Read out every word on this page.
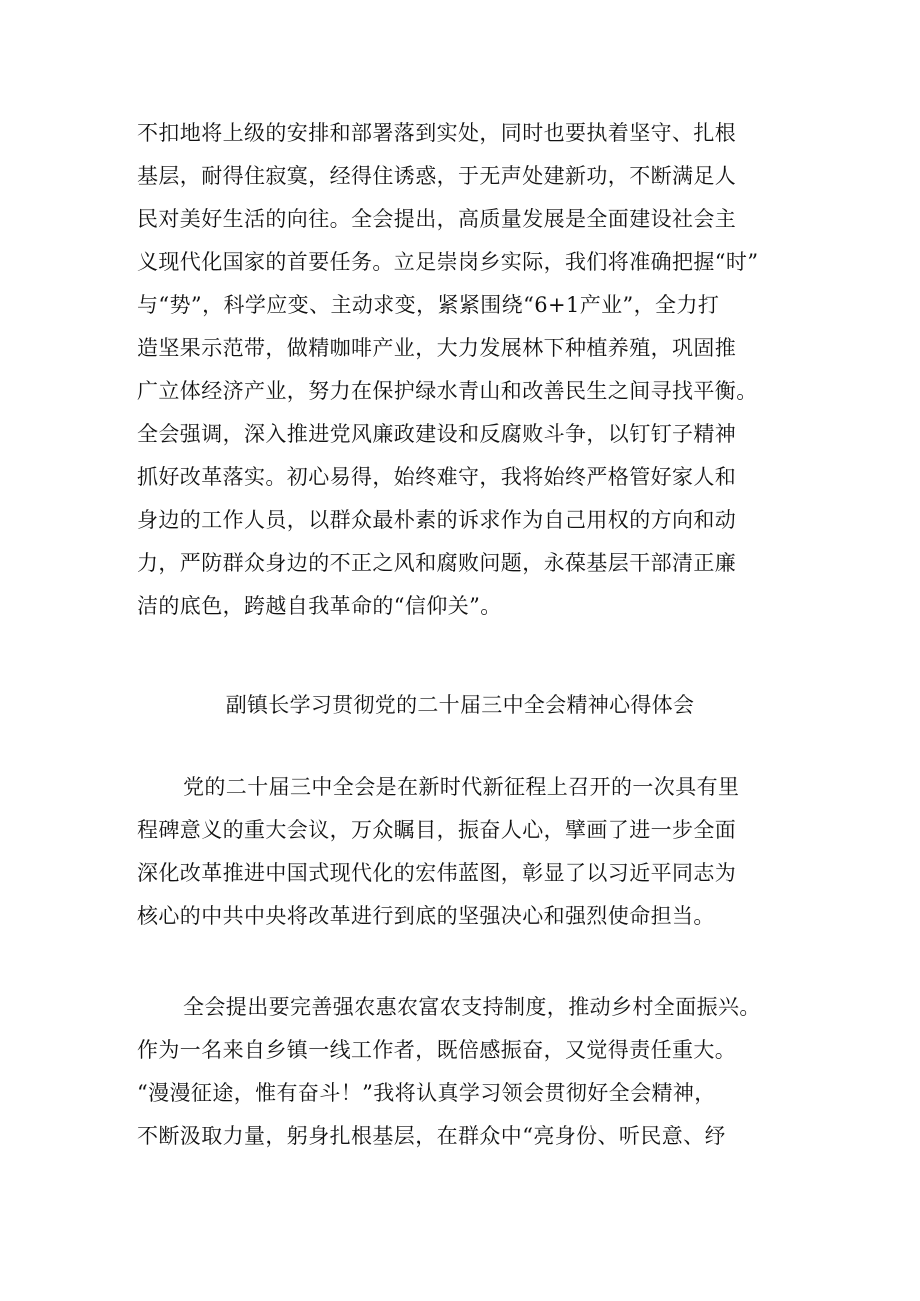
不扣地将上级的安排和部署落到实处，同时也要执着坚守、扎根
基层，耐得住寂寞，经得住诱惑，于无声处建新功，不断满足人
民对美好生活的向往。全会提出，高质量发展是全面建设社会主
义现代化国家的首要任务。立足崇岗乡实际，我们将准确把握“时”
与“势”，科学应变、主动求变，紧紧围绕“6+1产业”，全力打
造坚果示范带，做精咖啡产业，大力发展林下种植养殖，巩固推
广立体经济产业，努力在保护绿水青山和改善民生之间寻找平衡。
全会强调，深入推进党风廉政建设和反腐败斗争，以钉钉子精神
抓好改革落实。初心易得，始终难守，我将始终严格管好家人和
身边的工作人员，以群众最朴素的诉求作为自己用权的方向和动
力，严防群众身边的不正之风和腐败问题，永葆基层干部清正廉
洁的底色，跨越自我革命的“信仰关”。
副镇长学习贯彻党的二十届三中全会精神心得体会
党的二十届三中全会是在新时代新征程上召开的一次具有里
程碑意义的重大会议，万众瞩目，振奋人心，擘画了进一步全面
深化改革推进中国式现代化的宏伟蓝图，彰显了以习近平同志为
核心的中共中央将改革进行到底的坚强决心和强烈使命担当。
全会提出要完善强农惠农富农支持制度，推动乡村全面振兴。
作为一名来自乡镇一线工作者，既倍感振奋，又觉得责任重大。
“漫漫征途，惟有奋斗！”我将认真学习领会贯彻好全会精神，
不断汲取力量，躬身扎根基层，在群众中“亮身份、听民意、纾
